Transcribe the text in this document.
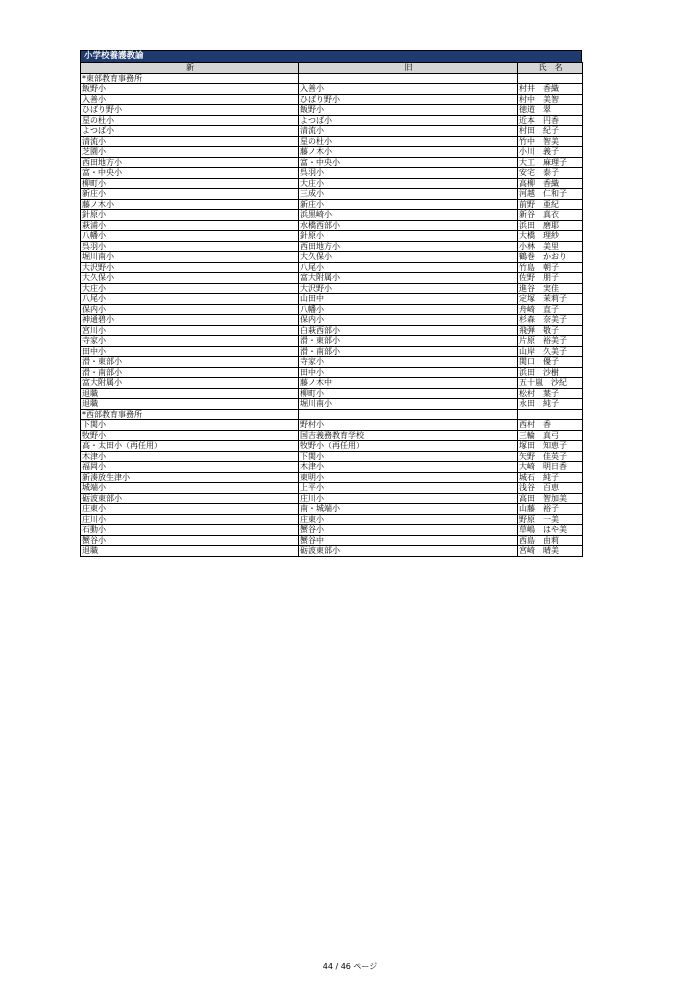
小学校養護教諭
新	旧	氏　名
*東部教育事務所		
飯野小	入善小	村井　香織
入善小	ひばり野小	村中　美智
ひばり野小	飯野小	徳道　翠
星の杜小	よつば小	近本　円香
よつば小	清流小	村田　紀子
清流小	星の杜小	竹中　智美
芝園小	藤ノ木小	小川　義子
西田地方小	富・中央小	大工　麻理子
富・中央小	呉羽小	安宅　泰子
柳町小	大庄小	高柳　香織
新庄小	三成小	河越　仁和子
藤ノ木小	新庄小	前野　亜紀
針原小	浜黒崎小	新谷　真衣
萩浦小	水橋西部小	浜田　磨耶
八幡小	針原小	大橋　理紗
呉羽小	西田地方小	小林　美里
堀川南小	大久保小	鶴巻　かおり
大沢野小	八尾小	竹島　朝子
大久保小	富大附属小	佐野　朋子
大庄小	大沢野小	進谷　実佳
八尾小	山田中	定塚　茉莉子
保内小	八幡小	舟崎　直子
神通碧小	保内小	杉森　奈美子
宮川小	白萩西部小	飛弾　敬子
寺家小	滑・東部小	片原　裕美子
田中小	滑・南部小	山岸　久美子
滑・東部小	寺家小	関口　優子
滑・南部小	田中小	浜田　沙樹
富大附属小	藤ノ木中	五十嵐　沙紀
退職	柳町小	松村　葉子
退職	堀川南小	永田　純子
*西部教育事務所		
下関小	野村小	西村　香
牧野小	国吉義務教育学校	三輪　真弓
高・太田小（再任用）	牧野小（再任用）	塚田　知恵子
木津小	下関小	矢野　佳英子
福岡小	木津小	大崎　明日香
新湊放生津小	東明小	城石　純子
城端小	上平小	浅谷　百恵
砺波東部小	庄川小	高田　智加美
庄東小	南・城端小	山藤　裕子
庄川小	庄東小	野原　一美
石動小	蟹谷小	草嶋　はや美
蟹谷小	蟹谷中	西島　由莉
退職	砺波東部小	宮崎　晴美
44 / 46 ページ
